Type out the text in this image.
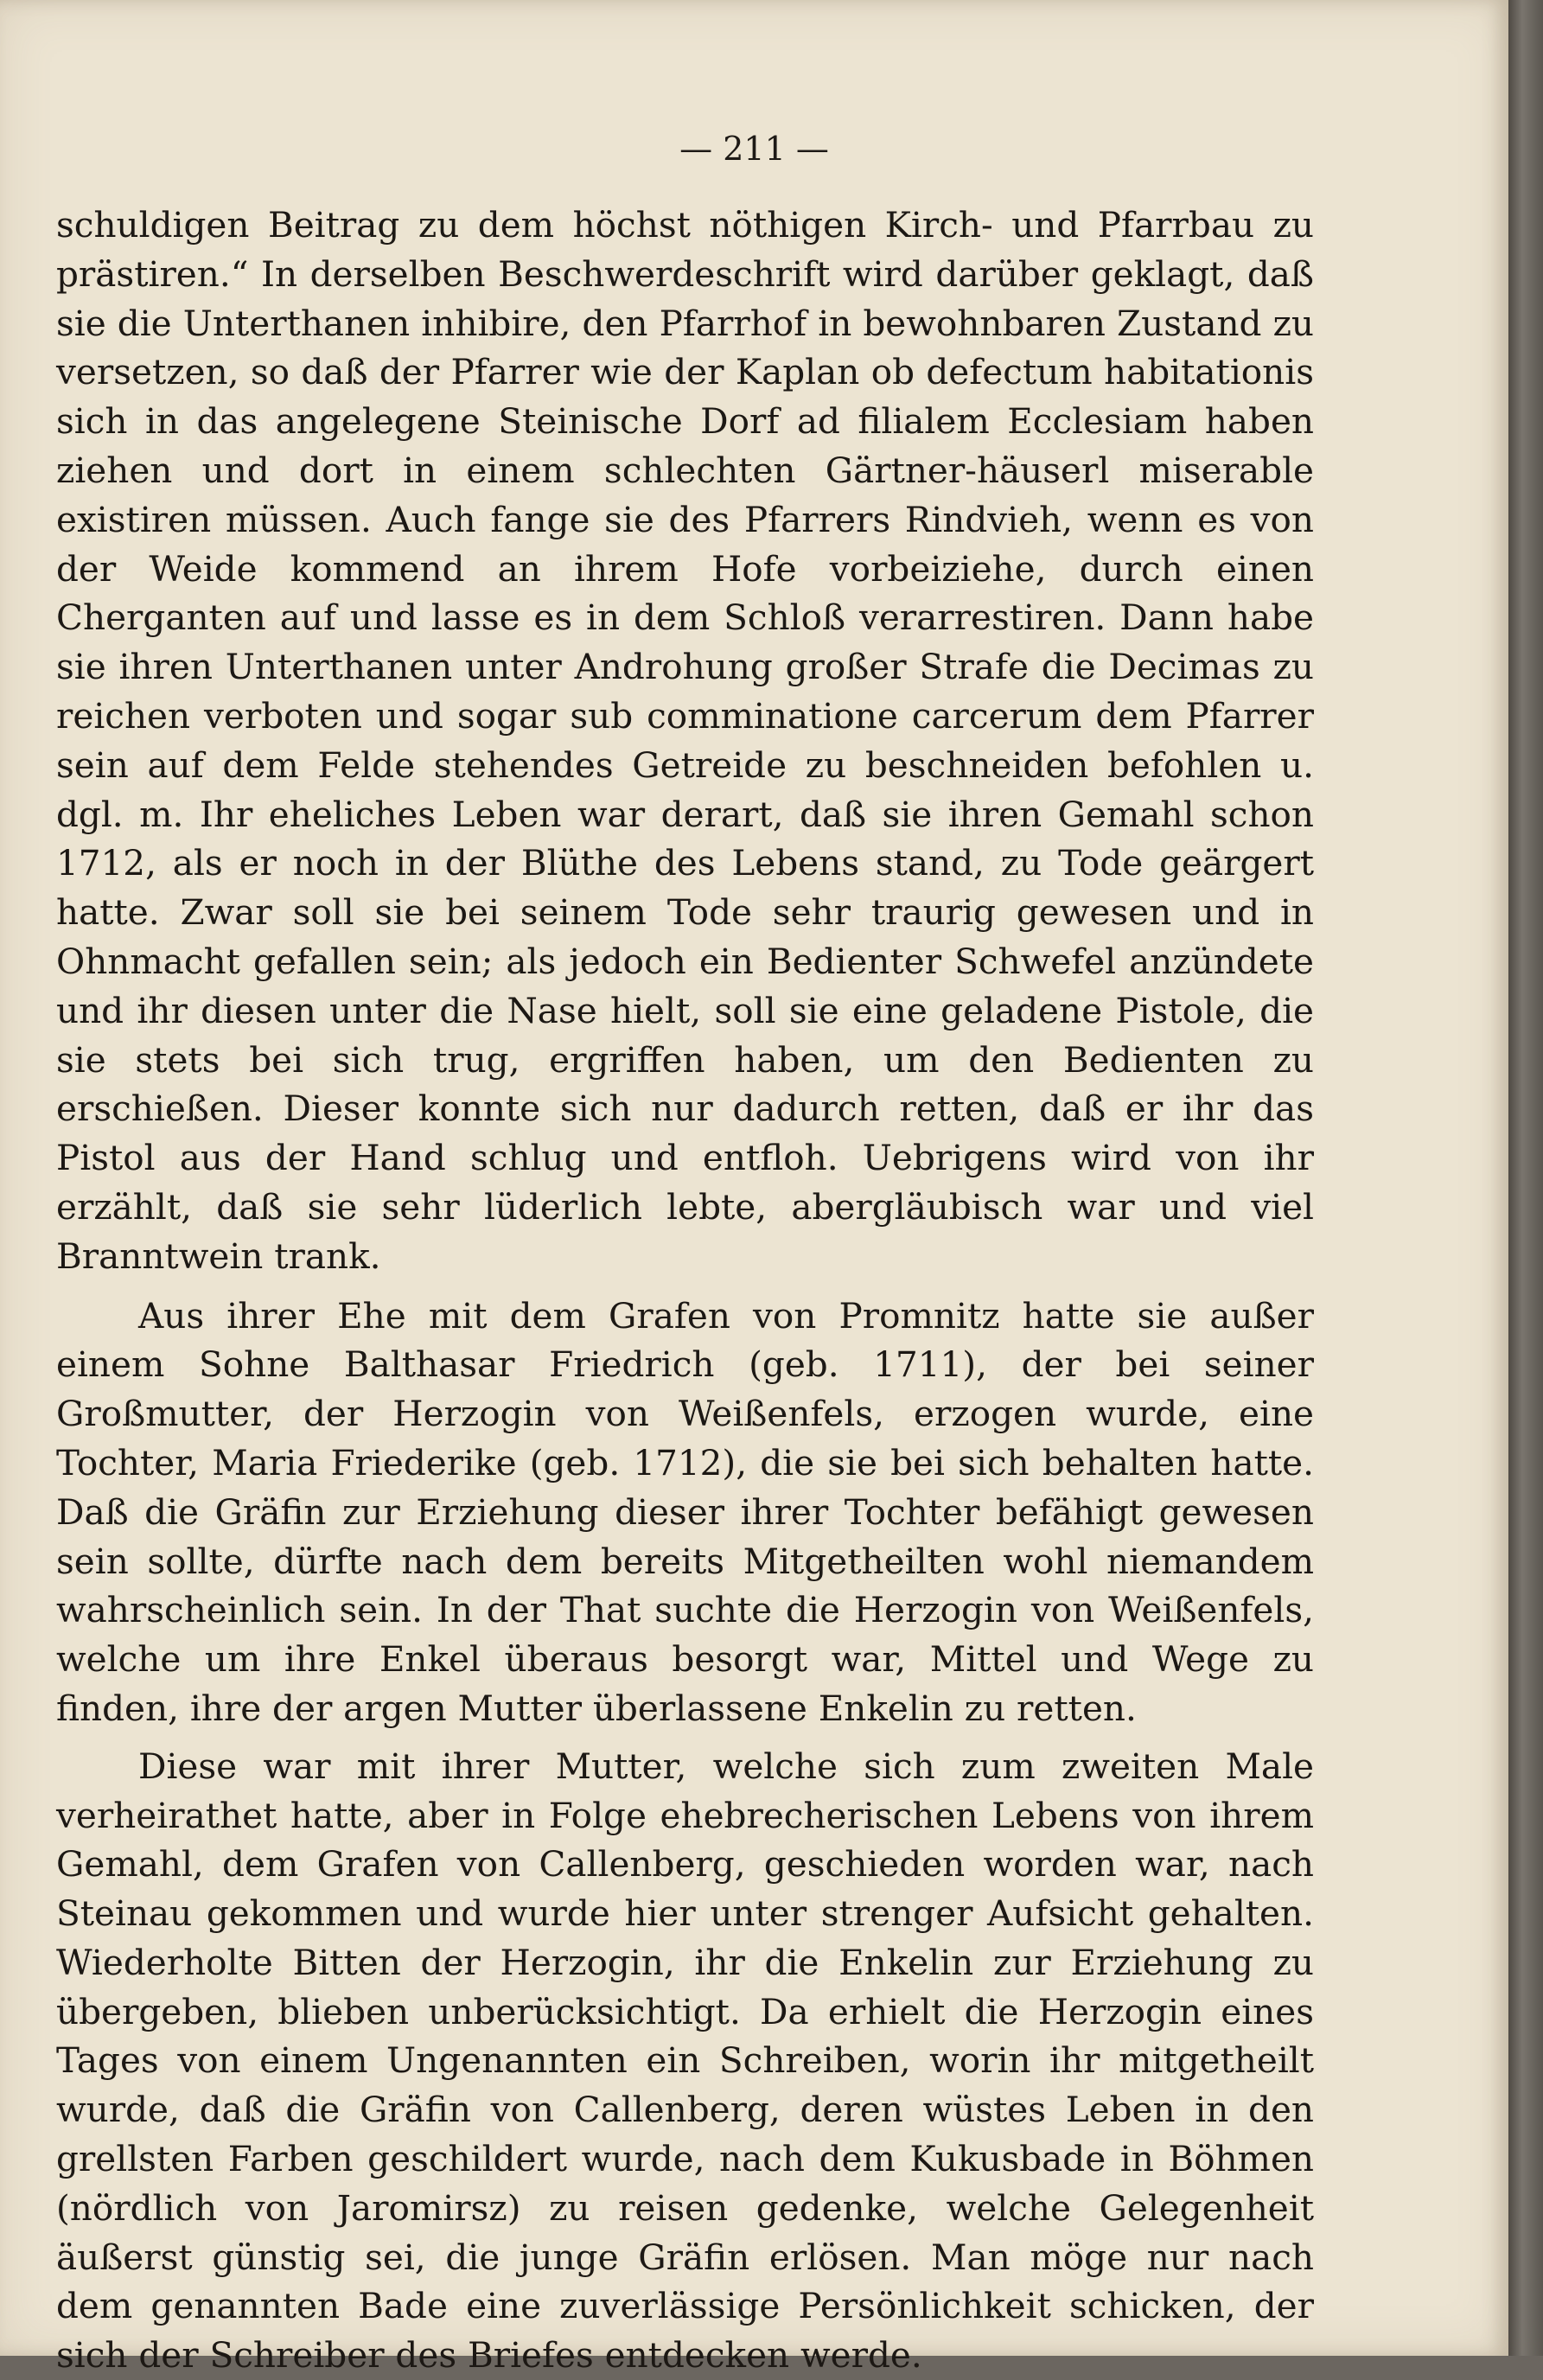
— 211 —

schuldigen Beitrag zu dem höchst nöthigen Kirch- und Pfarrbau zu prästiren.“ In derselben Beschwerdeschrift wird darüber geklagt, daß sie die Unterthanen inhibire, den Pfarrhof in bewohnbaren Zustand zu versetzen, so daß der Pfarrer wie der Kaplan ob defectum habitationis sich in das angelegene Steinische Dorf ad filialem Ecclesiam haben ziehen und dort in einem schlechten Gärtner-häuserl miserable existiren müssen. Auch fange sie des Pfarrers Rindvieh, wenn es von der Weide kommend an ihrem Hofe vorbeiziehe, durch einen Cherganten auf und lasse es in dem Schloß verarrestiren. Dann habe sie ihren Unterthanen unter Androhung großer Strafe die Decimas zu reichen verboten und sogar sub comminatione carcerum dem Pfarrer sein auf dem Felde stehendes Getreide zu beschneiden befohlen u. dgl. m. Ihr eheliches Leben war derart, daß sie ihren Gemahl schon 1712, als er noch in der Blüthe des Lebens stand, zu Tode geärgert hatte. Zwar soll sie bei seinem Tode sehr traurig gewesen und in Ohnmacht gefallen sein; als jedoch ein Bedienter Schwefel anzündete und ihr diesen unter die Nase hielt, soll sie eine geladene Pistole, die sie stets bei sich trug, ergriffen haben, um den Bedienten zu erschießen. Dieser konnte sich nur dadurch retten, daß er ihr das Pistol aus der Hand schlug und entfloh. Uebrigens wird von ihr erzählt, daß sie sehr lüderlich lebte, abergläubisch war und viel Branntwein trank.

Aus ihrer Ehe mit dem Grafen von Promnitz hatte sie außer einem Sohne Balthasar Friedrich (geb. 1711), der bei seiner Großmutter, der Herzogin von Weißenfels, erzogen wurde, eine Tochter, Maria Friederike (geb. 1712), die sie bei sich behalten hatte. Daß die Gräfin zur Erziehung dieser ihrer Tochter befähigt gewesen sein sollte, dürfte nach dem bereits Mitgetheilten wohl niemandem wahrscheinlich sein. In der That suchte die Herzogin von Weißenfels, welche um ihre Enkel überaus besorgt war, Mittel und Wege zu finden, ihre der argen Mutter überlassene Enkelin zu retten.

Diese war mit ihrer Mutter, welche sich zum zweiten Male verheirathet hatte, aber in Folge ehebrecherischen Lebens von ihrem Gemahl, dem Grafen von Callenberg, geschieden worden war, nach Steinau gekommen und wurde hier unter strenger Aufsicht gehalten. Wiederholte Bitten der Herzogin, ihr die Enkelin zur Erziehung zu übergeben, blieben unberücksichtigt. Da erhielt die Herzogin eines Tages von einem Ungenannten ein Schreiben, worin ihr mitgetheilt wurde, daß die Gräfin von Callenberg, deren wüstes Leben in den grellsten Farben geschildert wurde, nach dem Kukusbade in Böhmen (nördlich von Jaromirsz) zu reisen gedenke, welche Gelegenheit äußerst günstig sei, die junge Gräfin erlösen. Man möge nur nach dem genannten Bade eine zuverlässige Persönlichkeit schicken, der sich der Schreiber des Briefes entdecken werde.
